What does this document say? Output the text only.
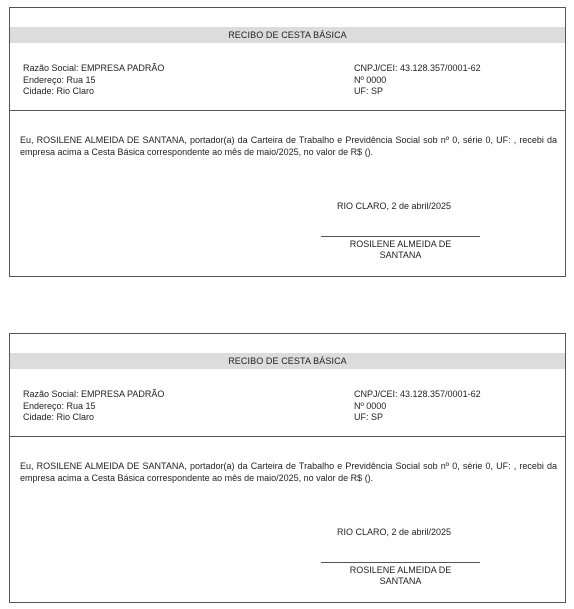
RECIBO DE CESTA BÁSICA
Razão Social: EMPRESA PADRÃO
Endereço: Rua 15
Cidade: Rio Claro
CNPJ/CEI: 43.128.357/0001-62
Nº 0000
UF: SP
Eu, ROSILENE ALMEIDA DE SANTANA, portador(a) da Carteira de Trabalho e Previdência Social sob nº 0, série 0, UF: , recebi da empresa acima a Cesta Básica correspondente ao mês de maio/2025, no valor de R$ ().
RIO CLARO, 2 de abril/2025
ROSILENE ALMEIDA DE
SANTANA
RECIBO DE CESTA BÁSICA
Razão Social: EMPRESA PADRÃO
Endereço: Rua 15
Cidade: Rio Claro
CNPJ/CEI: 43.128.357/0001-62
Nº 0000
UF: SP
Eu, ROSILENE ALMEIDA DE SANTANA, portador(a) da Carteira de Trabalho e Previdência Social sob nº 0, série 0, UF: , recebi da empresa acima a Cesta Básica correspondente ao mês de maio/2025, no valor de R$ ().
RIO CLARO, 2 de abril/2025
ROSILENE ALMEIDA DE
SANTANA
